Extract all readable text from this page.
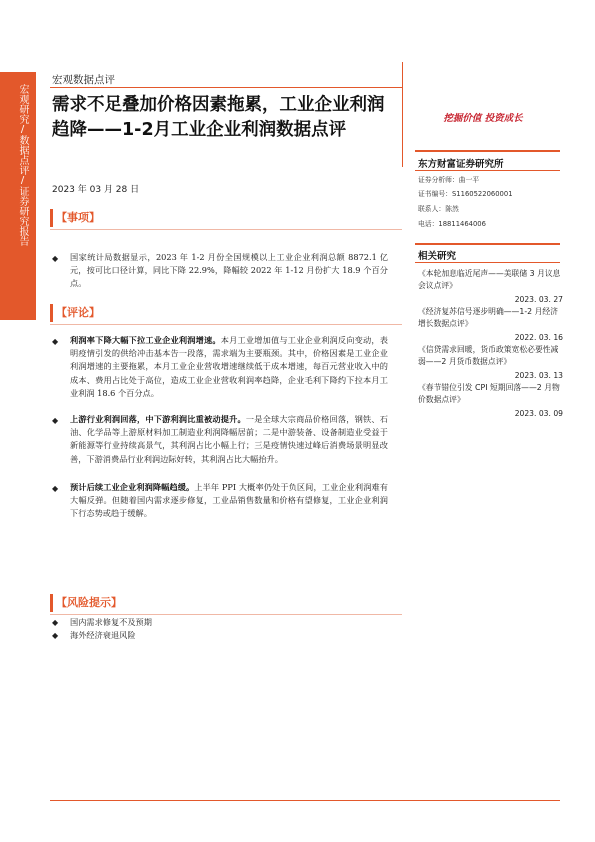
宏观研究/数据点评/证券研究报告
宏观数据点评
需求不足叠加价格因素拖累，工业企业利润趋降——1-2月工业企业利润数据点评
2023 年 03 月 28 日
挖掘价值 投资成长
【事项】
◆	国家统计局数据显示，2023 年 1-2 月份全国规模以上工业企业利润总额 8872.1 亿元，按可比口径计算，同比下降 22.9%，降幅较 2022 年 1-12 月份扩大 18.9 个百分点。
【评论】
◆	利润率下降大幅下拉工业企业利润增速。本月工业增加值与工业企业利润反向变动，表明疫情引发的供给冲击基本告一段落，需求端为主要瓶颈。其中，价格因素是工业企业利润增速的主要拖累，本月工业企业营收增速继续低于成本增速，每百元营业收入中的成本、费用占比处于高位，造成工业企业营收利润率趋降，企业毛利下降约下拉本月工业利润 18.6 个百分点。
◆	上游行业利润回落，中下游利润比重被动提升。一是全球大宗商品价格回落，钢铁、石油、化学品等上游原材料加工制造业利润降幅居前；二是中游装备、设备制造业受益于新能源等行业持续高景气，其利润占比小幅上行；三是疫情快速过峰后消费场景明显改善，下游消费品行业利润边际好转，其利润占比大幅抬升。
◆	预计后续工业企业利润降幅趋缓。上半年 PPI 大概率仍处于负区间，工业企业利润难有大幅反弹。但随着国内需求逐步修复，工业品销售数量和价格有望修复，工业企业利润下行态势或趋于缓解。
【风险提示】
◆	国内需求修复不及预期
◆	海外经济衰退风险
东方财富证券研究所
证券分析师：曲一平
证书编号：S1160522060001
联系人：陈然
电话：18811464006
相关研究
《本轮加息临近尾声——美联储 3 月议息会议点评》
2023. 03. 27
《经济复苏信号逐步明确——1-2 月经济增长数据点评》
2022. 03. 16
《信贷需求回暖，货币政策宽松必要性减弱——2 月货币数据点评》
2023. 03. 13
《春节错位引发 CPI 短期回落——2 月物价数据点评》
2023. 03. 09
